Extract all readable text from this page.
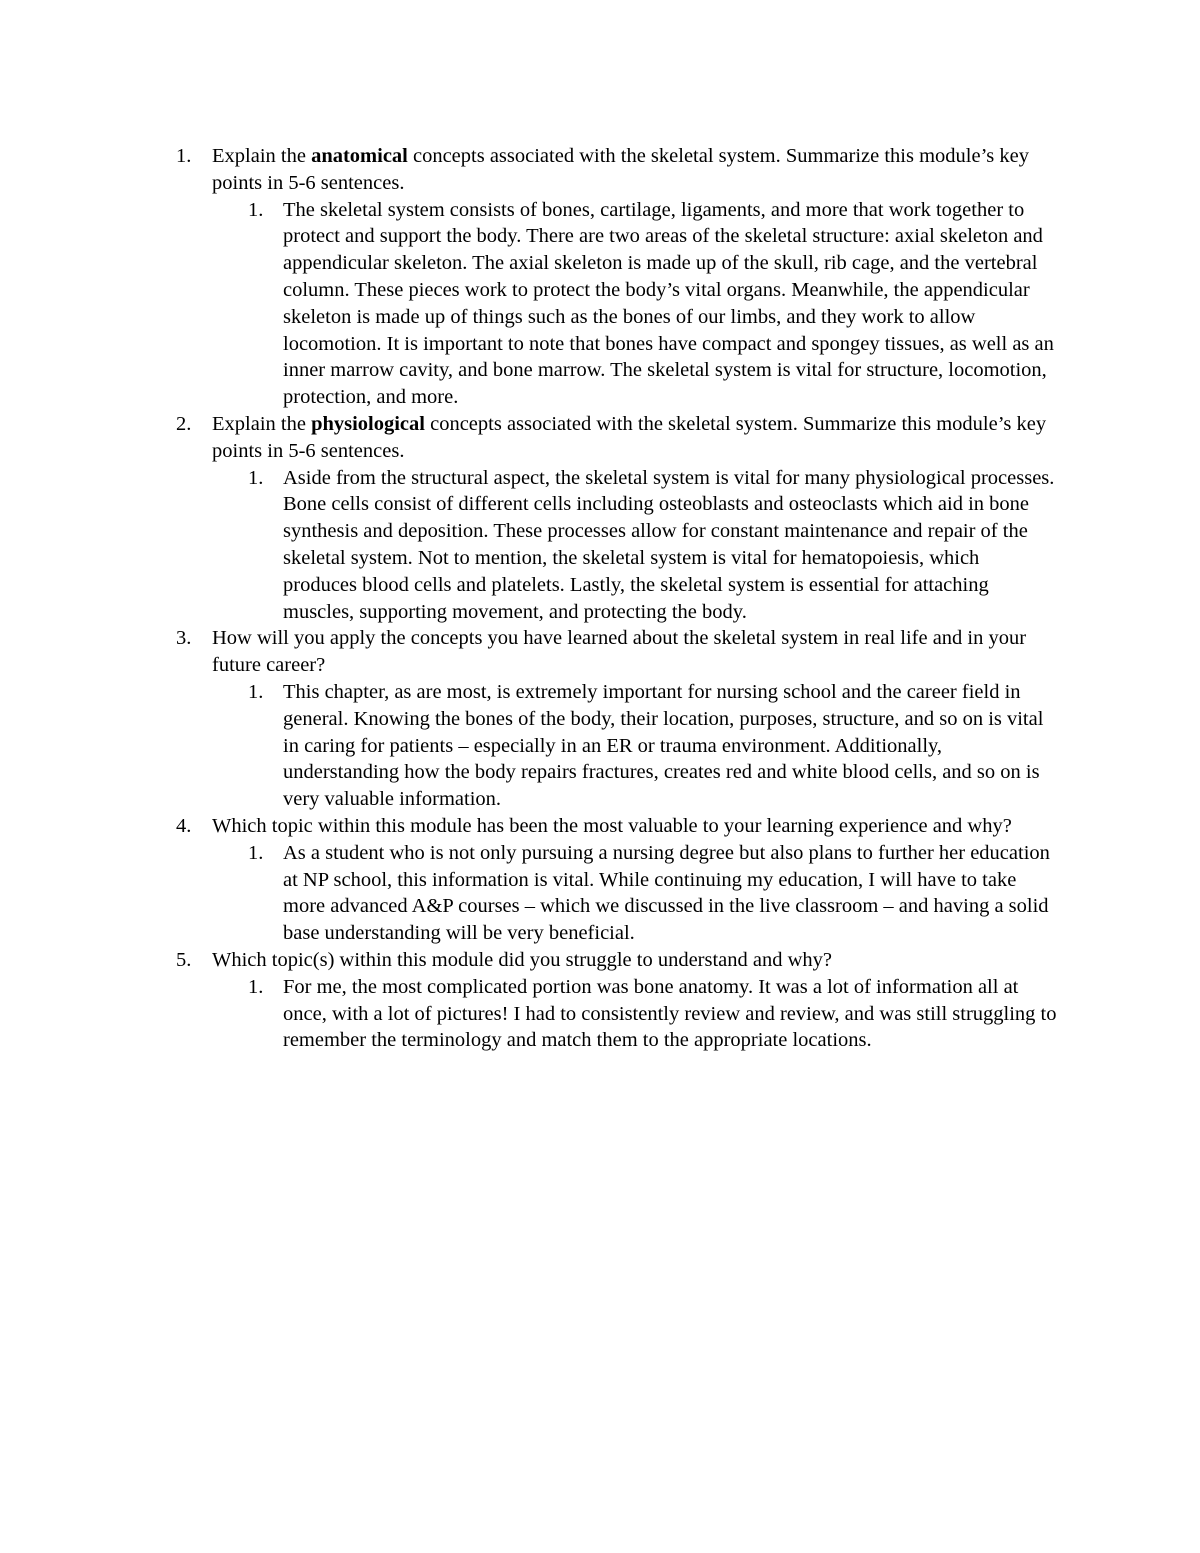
1.	Explain the anatomical concepts associated with the skeletal system. Summarize this module’s key points in 5-6 sentences.
1. The skeletal system consists of bones, cartilage, ligaments, and more that work together to protect and support the body. There are two areas of the skeletal structure: axial skeleton and appendicular skeleton. The axial skeleton is made up of the skull, rib cage, and the vertebral column. These pieces work to protect the body’s vital organs. Meanwhile, the appendicular skeleton is made up of things such as the bones of our limbs, and they work to allow locomotion. It is important to note that bones have compact and spongey tissues, as well as an inner marrow cavity, and bone marrow. The skeletal system is vital for structure, locomotion, protection, and more.
2.	Explain the physiological concepts associated with the skeletal system. Summarize this module’s key points in 5-6 sentences.
1. Aside from the structural aspect, the skeletal system is vital for many physiological processes. Bone cells consist of different cells including osteoblasts and osteoclasts which aid in bone synthesis and deposition. These processes allow for constant maintenance and repair of the skeletal system. Not to mention, the skeletal system is vital for hematopoiesis, which produces blood cells and platelets. Lastly, the skeletal system is essential for attaching muscles, supporting movement, and protecting the body.
3.	How will you apply the concepts you have learned about the skeletal system in real life and in your future career?
1. This chapter, as are most, is extremely important for nursing school and the career field in general. Knowing the bones of the body, their location, purposes, structure, and so on is vital in caring for patients – especially in an ER or trauma environment. Additionally, understanding how the body repairs fractures, creates red and white blood cells, and so on is very valuable information.
4.	Which topic within this module has been the most valuable to your learning experience and why?
1. As a student who is not only pursuing a nursing degree but also plans to further her education at NP school, this information is vital. While continuing my education, I will have to take more advanced A&P courses – which we discussed in the live classroom – and having a solid base understanding will be very beneficial.
5.	Which topic(s) within this module did you struggle to understand and why?
1. For me, the most complicated portion was bone anatomy. It was a lot of information all at once, with a lot of pictures! I had to consistently review and review, and was still struggling to remember the terminology and match them to the appropriate locations.
